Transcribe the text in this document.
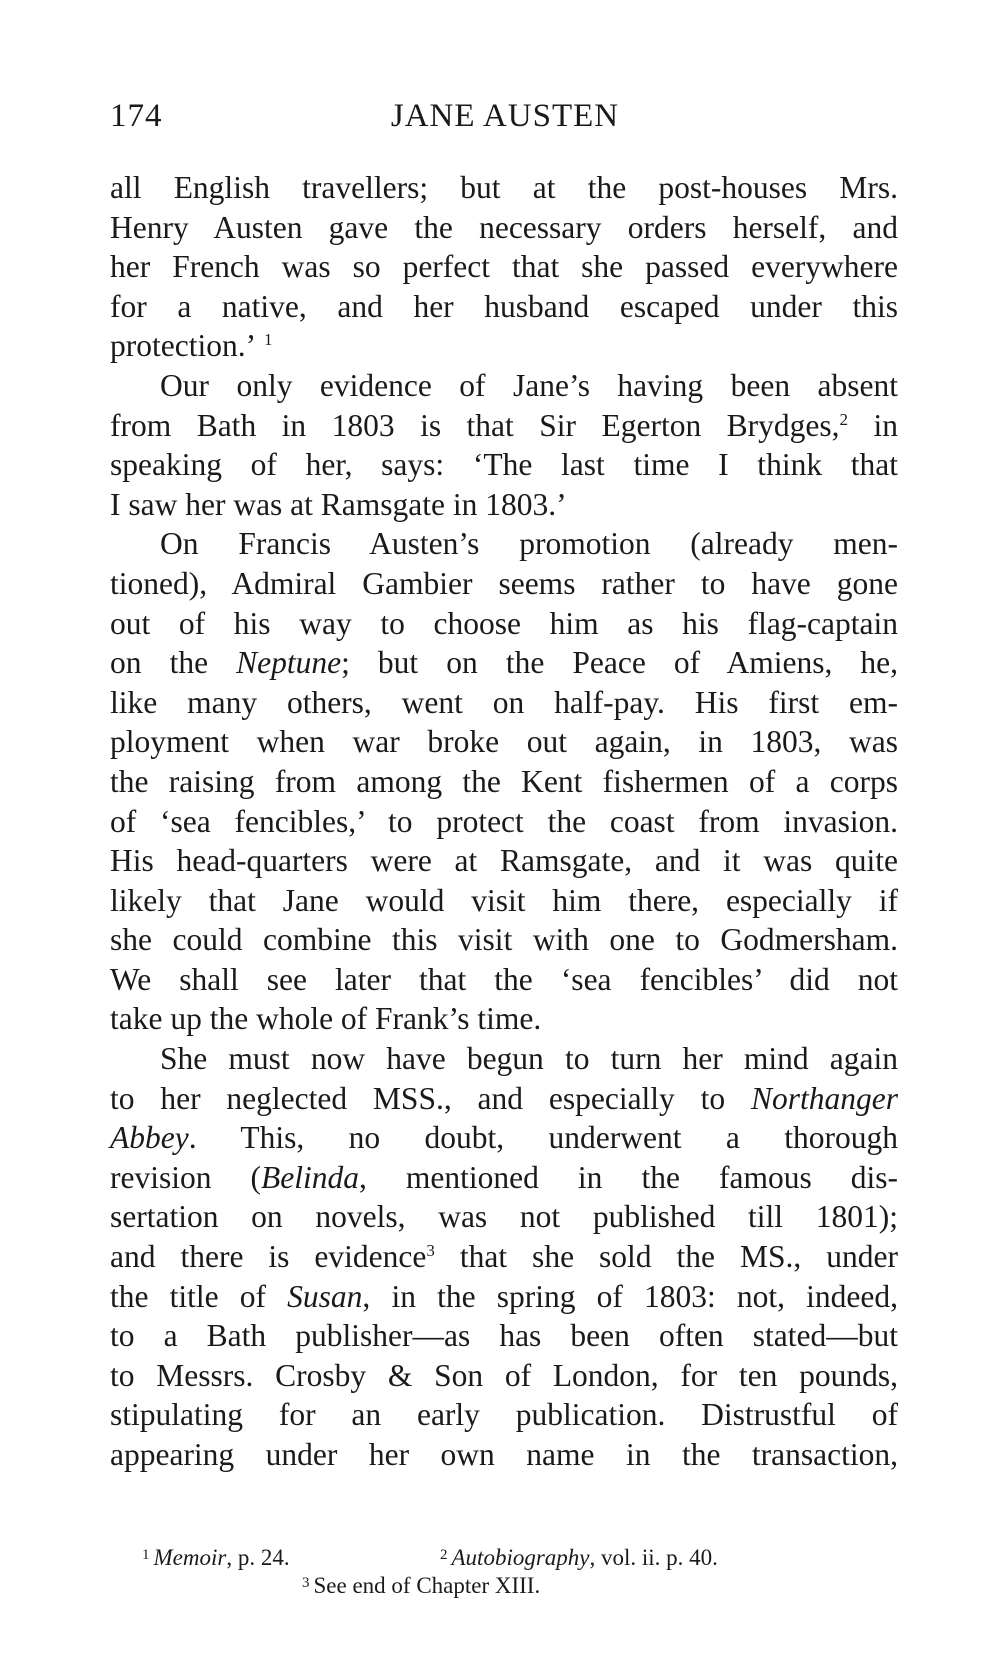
174	JANE AUSTEN
all English travellers; but at the post-houses Mrs.
Henry Austen gave the necessary orders herself, and
her French was so perfect that she passed everywhere
for a native, and her husband escaped under this
protection.’ $^1$
Our only evidence of Jane’s having been absent
from Bath in 1803 is that Sir Egerton Brydges,$^2$ in
speaking of her, says: ‘The last time I think that
I saw her was at Ramsgate in 1803.’
On Francis Austen’s promotion (already men-
tioned), Admiral Gambier seems rather to have gone
out of his way to choose him as his flag-captain
on the Neptune; but on the Peace of Amiens, he,
like many others, went on half-pay. His first em-
ployment when war broke out again, in 1803, was
the raising from among the Kent fishermen of a corps
of ‘sea fencibles,’ to protect the coast from invasion.
His head-quarters were at Ramsgate, and it was quite
likely that Jane would visit him there, especially if
she could combine this visit with one to Godmersham.
We shall see later that the ‘sea fencibles’ did not
take up the whole of Frank’s time.
She must now have begun to turn her mind again
to her neglected MSS., and especially to Northanger
Abbey. This, no doubt, underwent a thorough
revision (Belinda, mentioned in the famous dis-
sertation on novels, was not published till 1801);
and there is evidence$^3$ that she sold the MS., under
the title of Susan, in the spring of 1803: not, indeed,
to a Bath publisher—as has been often stated—but
to Messrs. Crosby & Son of London, for ten pounds,
stipulating for an early publication. Distrustful of
appearing under her own name in the transaction,
$^1$ Memoir, p. 24.	$^2$ Autobiography, vol. ii. p. 40.
$^3$ See end of Chapter XIII.
